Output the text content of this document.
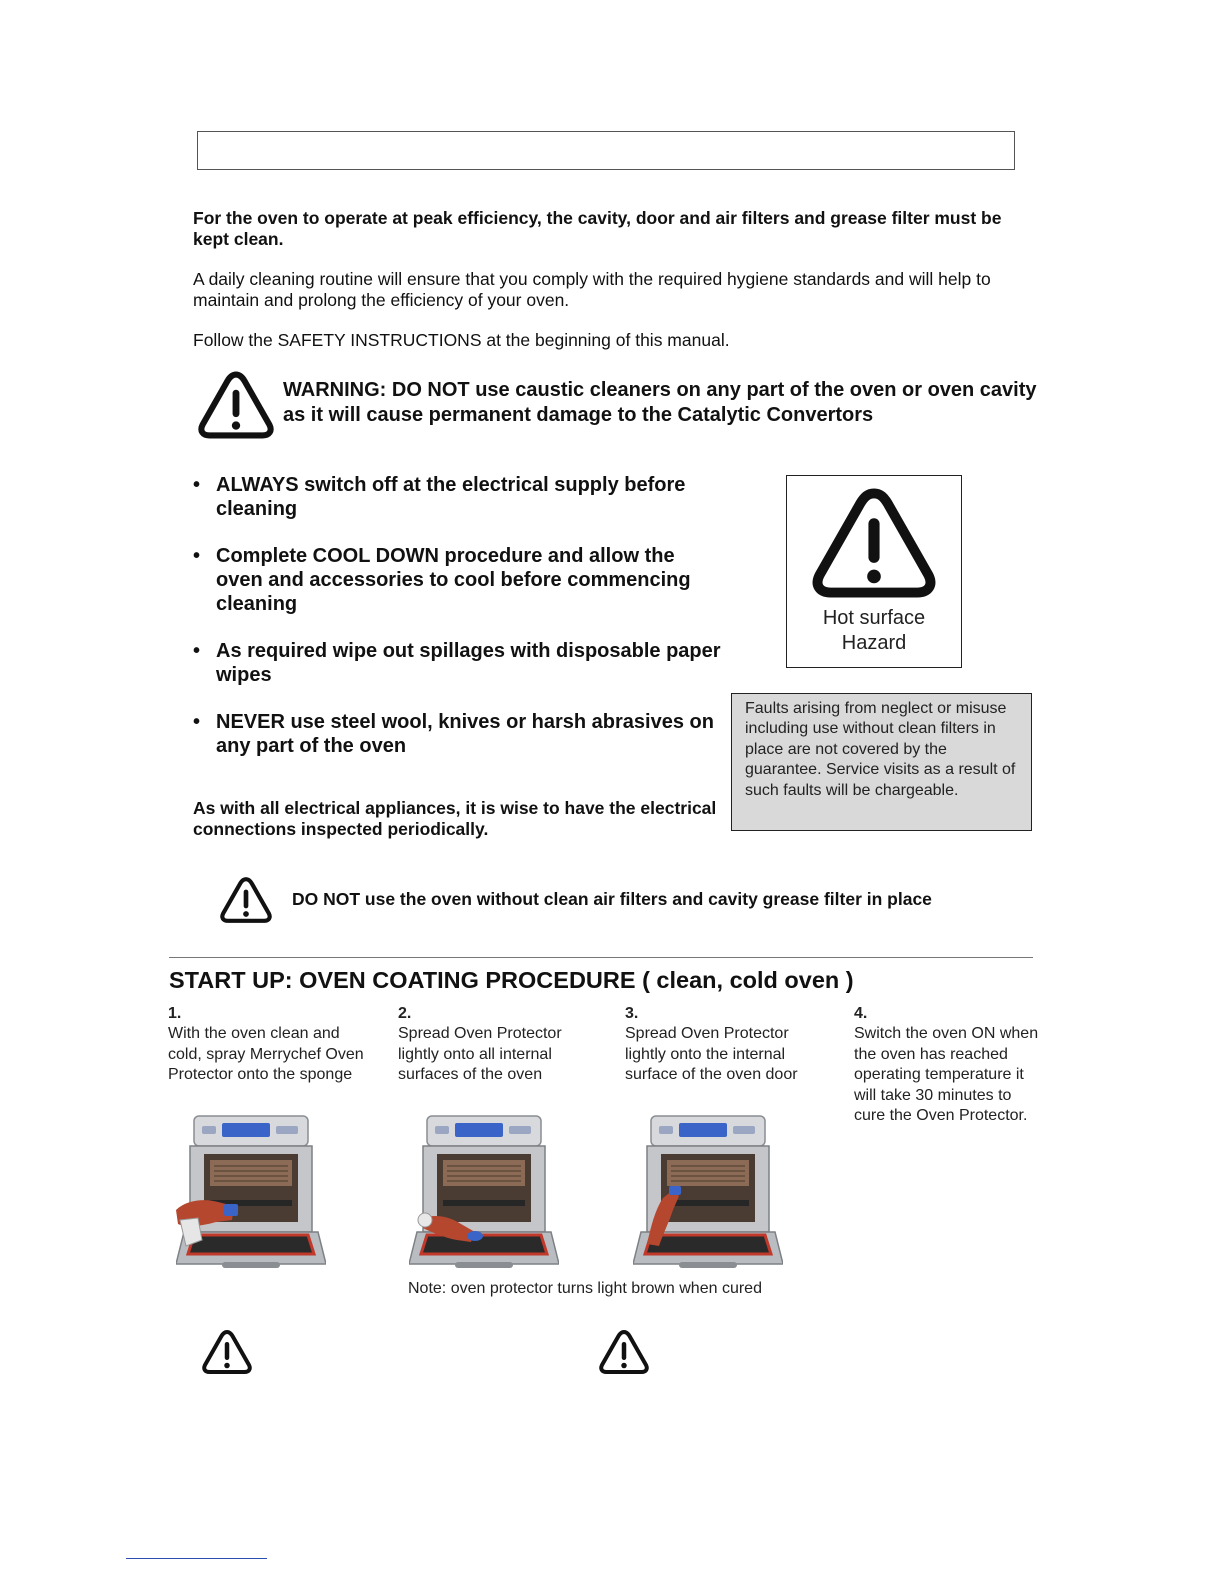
For the oven to operate at peak efficiency, the cavity, door and air filters and grease filter must be kept clean.
A daily cleaning routine will ensure that you comply with the required hygiene standards and will help to maintain and prolong the efficiency of your oven.
Follow the SAFETY INSTRUCTIONS at the beginning of this manual.
WARNING: DO NOT use caustic cleaners on any part of the oven or oven cavity as it will cause permanent damage to the Catalytic Convertors
• ALWAYS switch off at the electrical supply before cleaning
• Complete COOL DOWN procedure and allow the oven and accessories to cool before commencing cleaning
• As required wipe out spillages with disposable paper wipes
• NEVER use steel wool, knives or harsh abrasives on any part of the oven
As with all electrical appliances, it is wise to have the electrical connections inspected periodically.
Hot surface
Hazard
Faults arising from neglect or misuse including use without clean filters in place are not covered by the guarantee. Service visits as a result of such faults will be chargeable.
DO NOT use the oven without clean air filters and cavity grease filter in place
START UP: OVEN COATING PROCEDURE ( clean, cold oven )
1.
With the oven clean and cold, spray Merrychef Oven Protector onto the sponge
2.
Spread Oven Protector lightly onto all internal surfaces of the oven
3.
Spread Oven Protector lightly onto the internal surface of the oven door
4.
Switch the oven ON when the oven has reached operating temperature it will take 30 minutes to cure the Oven Protector.
Note: oven protector turns light brown when cured
